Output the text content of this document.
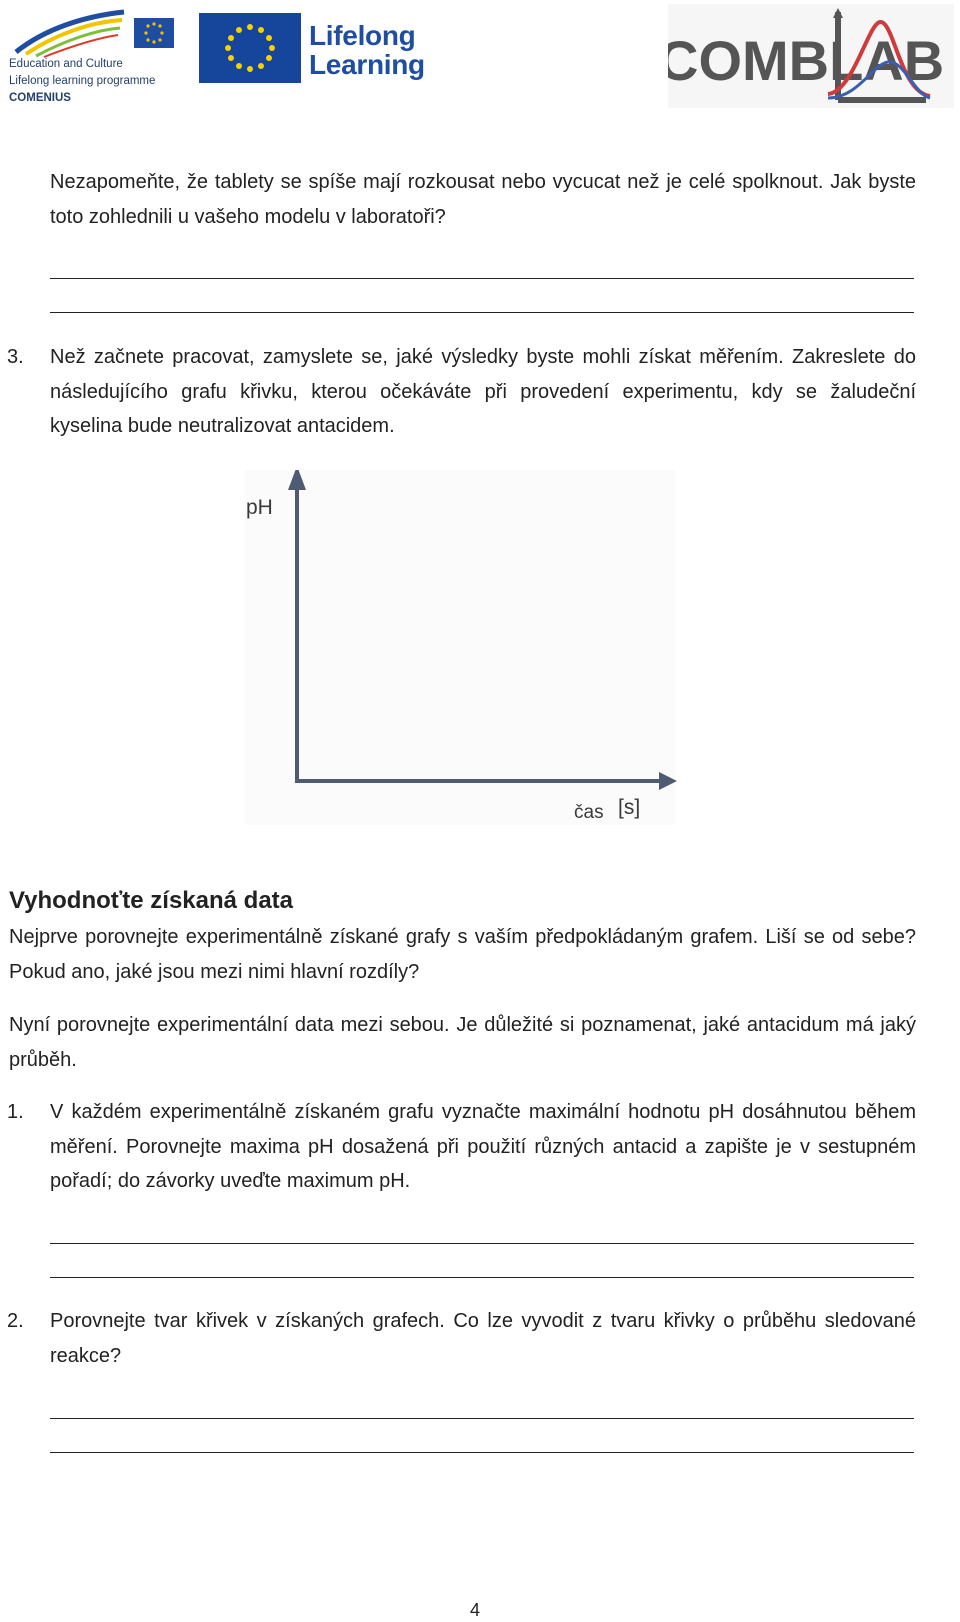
Education and Culture
Lifelong learning programme
COMENIUS
Lifelong
Learning	COMBLAB
Nezapomeňte, že tablety se spíše mají rozkousat nebo vycucat než je celé spolknout. Jak byste toto zohlednili u vašeho modelu v laboratoři?
3. Než začnete pracovat, zamyslete se, jaké výsledky byste mohli získat měřením. Zakreslete do následujícího grafu křivku, kterou očekáváte při provedení experimentu, kdy se žaludeční kyselina bude neutralizovat antacidem.
pH
čas [s]
Vyhodnoťte získaná data
Nejprve porovnejte experimentálně získané grafy s vaším předpokládaným grafem. Liší se od sebe? Pokud ano, jaké jsou mezi nimi hlavní rozdíly?
Nyní porovnejte experimentální data mezi sebou. Je důležité si poznamenat, jaké antacidum má jaký průběh.
1. V každém experimentálně získaném grafu vyznačte maximální hodnotu pH dosáhnutou během měření. Porovnejte maxima pH dosažená při použití různých antacid a zapište je v sestupném pořadí; do závorky uveďte maximum pH.
2. Porovnejte tvar křivek v získaných grafech. Co lze vyvodit z tvaru křivky o průběhu sledované reakce?
4
